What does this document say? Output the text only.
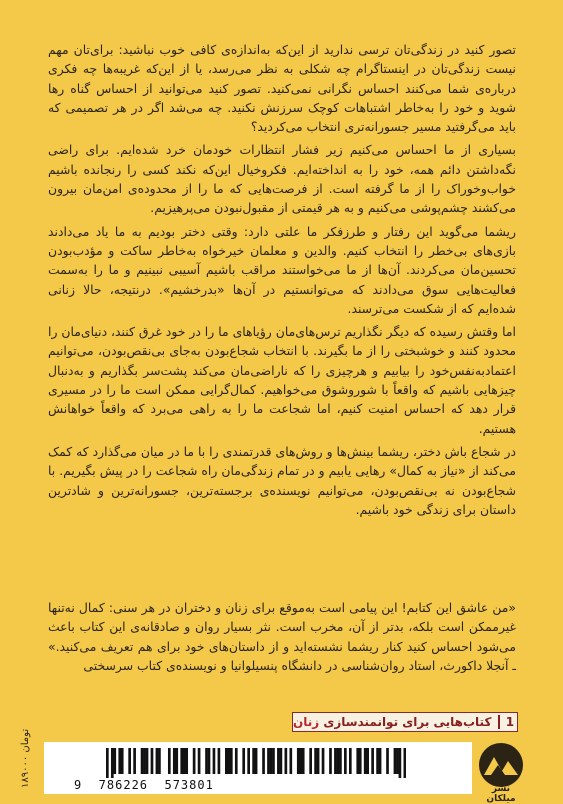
تصور کنید در زندگی‌تان ترسی ندارید از این‌که به‌اندازه‌ی کافی خوب نباشید: برای‌تان مهم نیست زندگی‌تان در اینستاگرام چه شکلی به نظر می‌رسد، یا از این‌که غریبه‌ها چه فکری درباره‌ی شما می‌کنند احساس نگرانی نمی‌کنید. تصور کنید می‌توانید از احساس گناه رها شوید و خود را به‌خاطر اشتباهات کوچک سرزنش نکنید. چه می‌شد اگر در هر تصمیمی که باید می‌گرفتید مسیر جسورانه‌تری انتخاب می‌کردید؟

بسیاری از ما احساس می‌کنیم زیر فشار انتظارات خودمان خرد شده‌ایم. برای راضی نگه‌داشتن دائم همه، خود را به انداخته‌ایم. فکروخیال این‌که نکند کسی را رنجانده باشیم خواب‌وخوراک را از ما گرفته است. از فرصت‌هایی که ما را از محدوده‌ی امن‌مان بیرون می‌کشند چشم‌پوشی می‌کنیم و به هر قیمتی از مقبول‌نبودن می‌پرهیزیم.

ریشما می‌گوید این رفتار و طرزفکر ما علتی دارد: وقتی دختر بودیم به ما یاد می‌دادند بازی‌های بی‌خطر را انتخاب کنیم. والدین و معلمان خیرخواه به‌خاطر ساکت و مؤدب‌بودن تحسین‌مان می‌کردند. آن‌ها از ما می‌خواستند مراقب باشیم آسیبی نبینیم و ما را به‌سمت فعالیت‌هایی سوق می‌دادند که می‌توانستیم در آن‌ها «بدرخشیم». درنتیجه، حالا زنانی شده‌ایم که از شکست می‌ترسند.

اما وقتش رسیده که دیگر نگذاریم ترس‌های‌مان رؤیاهای ما را در خود غرق کنند، دنیای‌مان را محدود کنند و خوشبختی را از ما بگیرند. با انتخاب شجاع‌بودن به‌جای بی‌نقص‌بودن، می‌توانیم اعتمادبه‌نفس‌خود را بیابیم و هرچیزی را که ناراضی‌مان می‌کند پشت‌سر بگذاریم و به‌دنبال چیزهایی باشیم که واقعاً با شوروشوق می‌خواهیم. کمال‌گرایی ممکن است ما را در مسیری قرار دهد که احساس امنیت کنیم، اما شجاعت ما را به راهی می‌برد که واقعاً خواهانش هستیم.

در شجاع باش دختر، ریشما بینش‌ها و روش‌های قدرتمندی را با ما در میان می‌گذارد که کمک می‌کند از «نیاز به کمال» رهایی یابیم و در تمام زندگی‌مان راه شجاعت را در پیش بگیریم. با شجاع‌بودن نه بی‌نقص‌بودن، می‌توانیم نویسنده‌ی برجسته‌ترین، جسورانه‌ترین و شادترین داستان برای زندگی خود باشیم.

«من عاشق این کتابم! این پیامی است به‌موقع برای زنان و دختران در هر سنی: کمال نه‌تنها غیرممکن است بلکه، بدتر از آن، مخرب است. نثر بسیار روان و صادقانه‌ی این کتاب باعث می‌شود احساس کنید کنار ریشما نشسته‌اید و از داستان‌های خود برای هم تعریف می‌کنید.» ـ آنجلا داکورث، استاد روان‌شناسی در دانشگاه پنسیلوانیا و نویسنده‌ی کتاب سرسختی

1
کتاب‌هایی برای توانمندسازی زنان
۱۸۹۰۰۰ تومان
9  786226  573801	نشر میلکان
